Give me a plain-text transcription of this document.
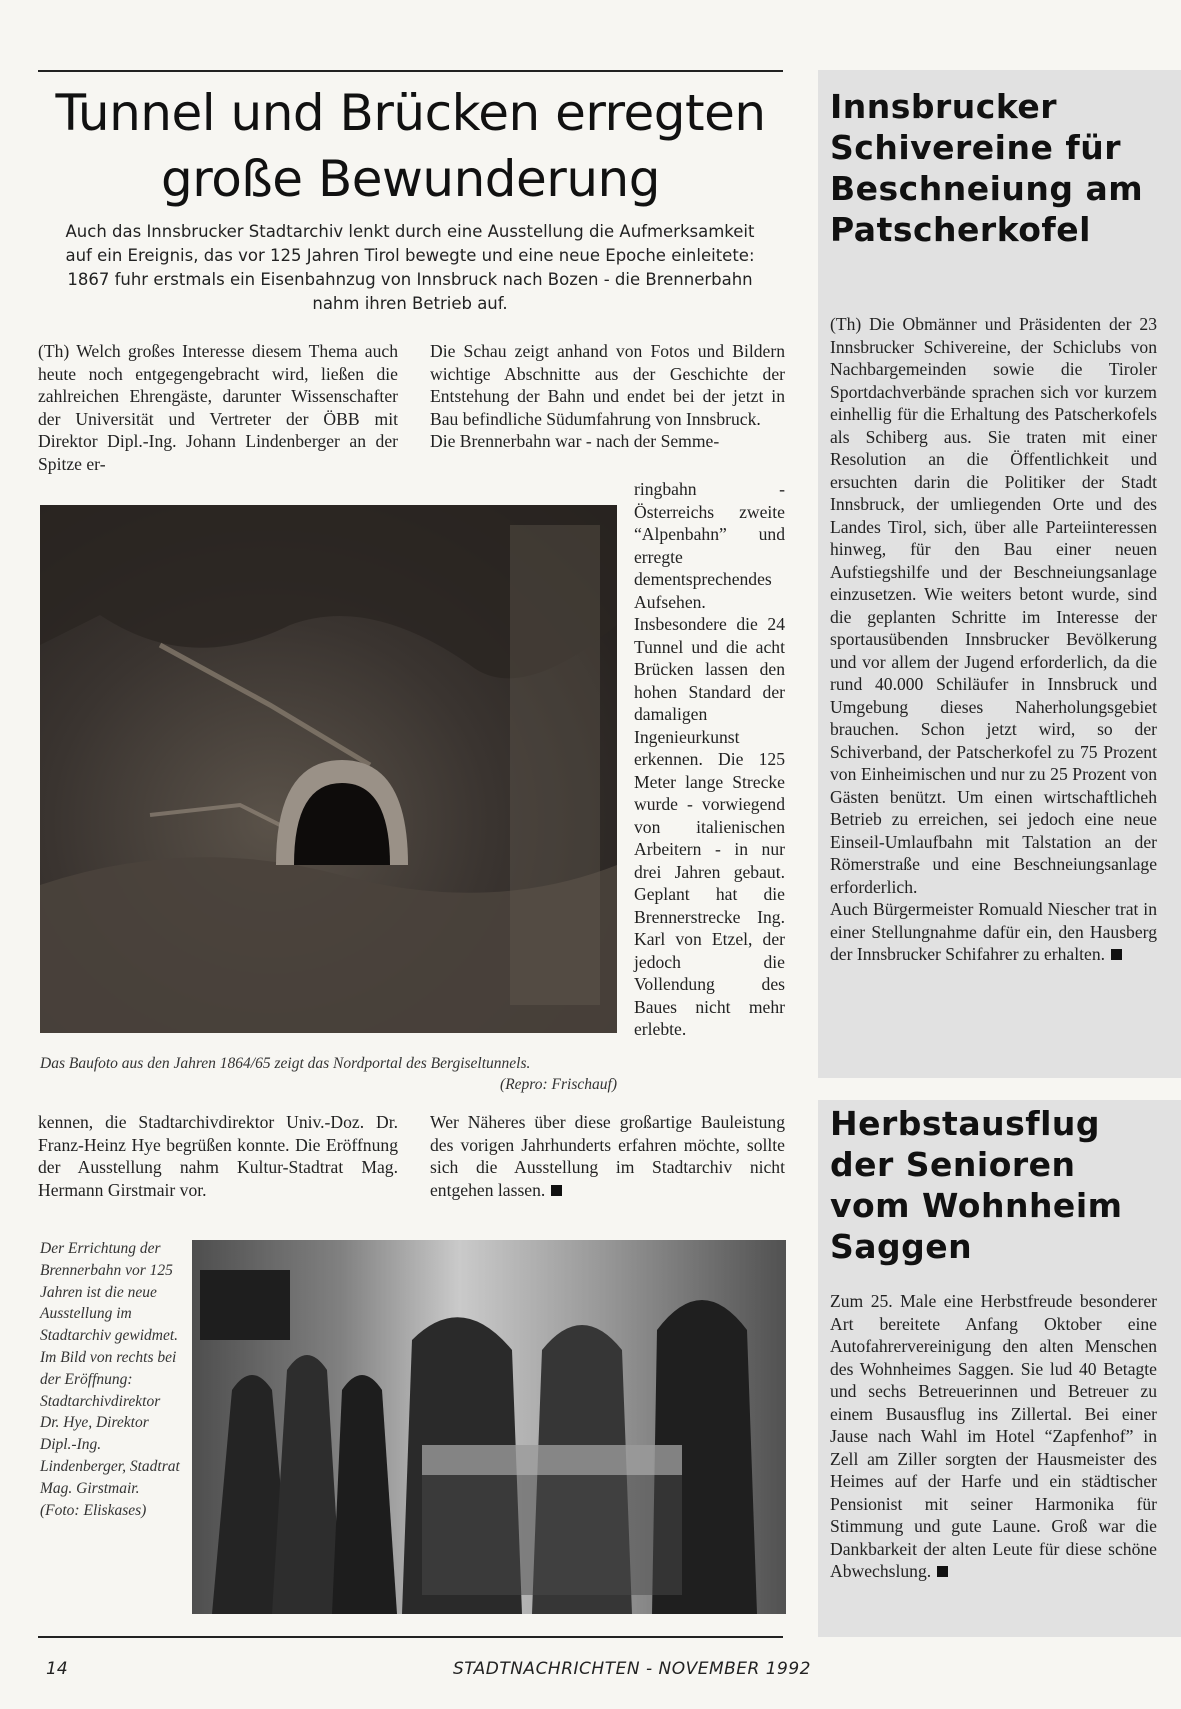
Tunnel und Brücken erregten große Bewunderung
Auch das Innsbrucker Stadtarchiv lenkt durch eine Ausstellung die Aufmerksamkeit auf ein Ereignis, das vor 125 Jahren Tirol bewegte und eine neue Epoche einleitete: 1867 fuhr erstmals ein Eisenbahnzug von Innsbruck nach Bozen - die Brennerbahn nahm ihren Betrieb auf.
(Th) Welch großes Interesse diesem Thema auch heute noch entgegengebracht wird, ließen die zahlreichen Ehrengäste, darunter Wissenschafter der Universität und Vertreter der ÖBB mit Direktor Dipl.-Ing. Johann Lindenberger an der Spitze er-
Die Schau zeigt anhand von Fotos und Bildern wichtige Abschnitte aus der Geschichte der Entstehung der Bahn und endet bei der jetzt in Bau befindliche Südumfahrung von Innsbruck.
Die Brennerbahn war - nach der Semme-
Das Baufoto aus den Jahren 1864/65 zeigt das Nordportal des Bergiseltunnels.
(Repro: Frischauf)
ringbahn - Österreichs zweite “Alpenbahn” und erregte dementsprechendes Aufsehen. Insbesondere die 24 Tunnel und die acht Brücken lassen den hohen Standard der damaligen Ingenieurkunst erkennen. Die 125 Meter lange Strecke wurde - vorwiegend von italienischen Arbeitern - in nur drei Jahren gebaut. Geplant hat die Brennerstrecke Ing. Karl von Etzel, der jedoch die Vollendung des Baues nicht mehr erlebte.
kennen, die Stadtarchivdirektor Univ.-Doz. Dr. Franz-Heinz Hye begrüßen konnte. Die Eröffnung der Ausstellung nahm Kultur-Stadtrat Mag. Hermann Girstmair vor.
Wer Näheres über diese großartige Bauleistung des vorigen Jahrhunderts erfahren möchte, sollte sich die Ausstellung im Stadtarchiv nicht entgehen lassen.
Der Errichtung der Brennerbahn vor 125 Jahren ist die neue Ausstellung im Stadtarchiv gewidmet. Im Bild von rechts bei der Eröffnung: Stadtarchivdirektor Dr. Hye, Direktor Dipl.-Ing. Lindenberger, Stadtrat Mag. Girstmair. (Foto: Eliskases)
Innsbrucker Schivereine für Beschneiung am Patscherkofel
(Th) Die Obmänner und Präsidenten der 23 Innsbrucker Schivereine, der Schiclubs von Nachbargemeinden sowie die Tiroler Sportdachverbände sprachen sich vor kurzem einhellig für die Erhaltung des Patscherkofels als Schiberg aus. Sie traten mit einer Resolution an die Öffentlichkeit und ersuchten darin die Politiker der Stadt Innsbruck, der umliegenden Orte und des Landes Tirol, sich, über alle Parteiinteressen hinweg, für den Bau einer neuen Aufstiegshilfe und der Beschneiungsanlage einzusetzen. Wie weiters betont wurde, sind die geplanten Schritte im Interesse der sportausübenden Innsbrucker Bevölkerung und vor allem der Jugend erforderlich, da die rund 40.000 Schiläufer in Innsbruck und Umgebung dieses Naherholungsgebiet brauchen. Schon jetzt wird, so der Schiverband, der Patscherkofel zu 75 Prozent von Einheimischen und nur zu 25 Prozent von Gästen benützt. Um einen wirtschaftlicheh Betrieb zu erreichen, sei jedoch eine neue Einseil-Umlaufbahn mit Talstation an der Römerstraße und eine Beschneiungsanlage erforderlich.
Auch Bürgermeister Romuald Niescher trat in einer Stellungnahme dafür ein, den Hausberg der Innsbrucker Schifahrer zu erhalten.
Herbstausflug der Senioren vom Wohnheim Saggen
Zum 25. Male eine Herbstfreude besonderer Art bereitete Anfang Oktober eine Autofahrervereinigung den alten Menschen des Wohnheimes Saggen. Sie lud 40 Betagte und sechs Betreuerinnen und Betreuer zu einem Busausflug ins Zillertal. Bei einer Jause nach Wahl im Hotel “Zapfenhof” in Zell am Ziller sorgten der Hausmeister des Heimes auf der Harfe und ein städtischer Pensionist mit seiner Harmonika für Stimmung und gute Laune. Groß war die Dankbarkeit der alten Leute für diese schöne Abwechslung.
14	STADTNACHRICHTEN - NOVEMBER 1992
